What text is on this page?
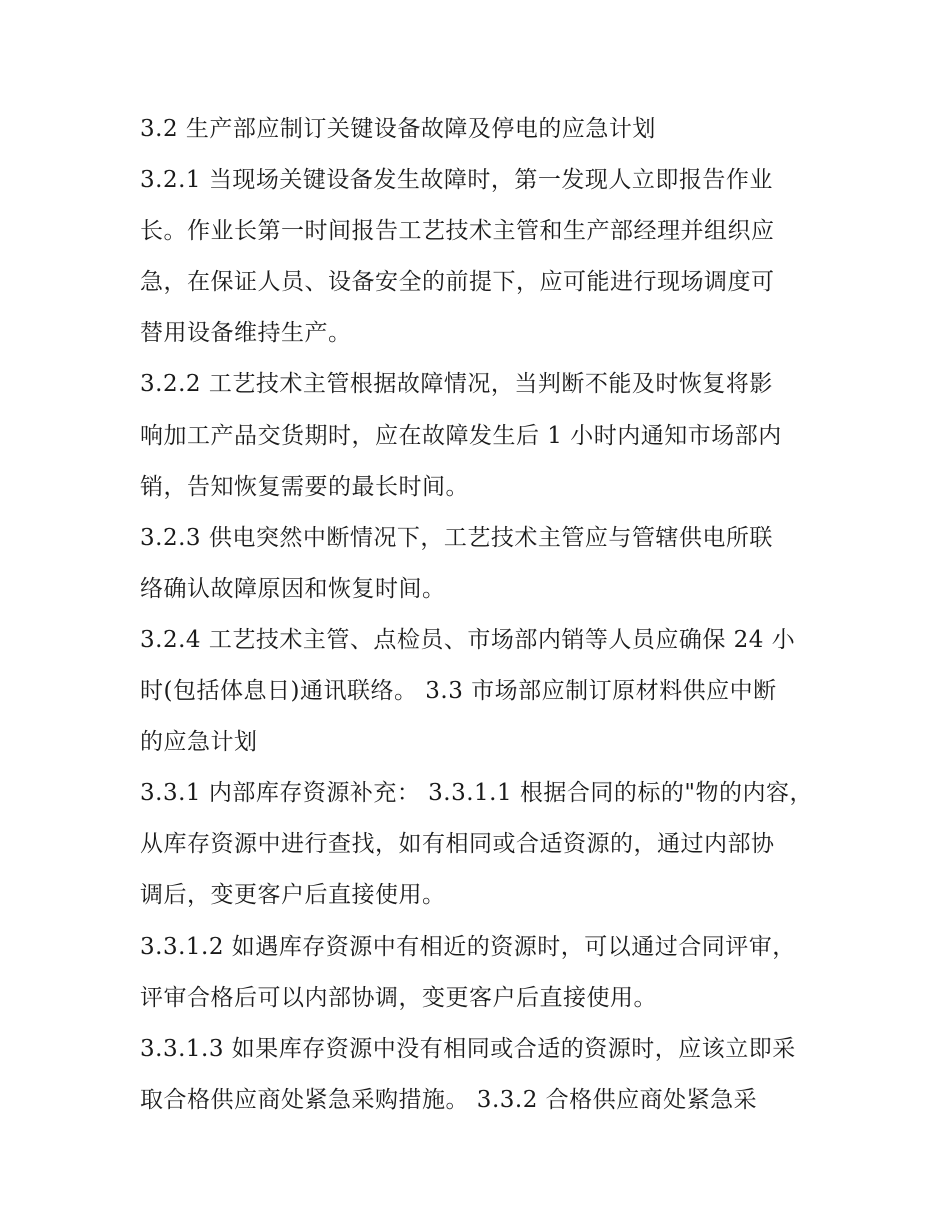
3.2 生产部应制订关键设备故障及停电的应急计划
3.2.1 当现场关键设备发生故障时，第一发现人立即报告作业
长。作业长第一时间报告工艺技术主管和生产部经理并组织应
急，在保证人员、设备安全的前提下，应可能进行现场调度可
替用设备维持生产。
3.2.2 工艺技术主管根据故障情况，当判断不能及时恢复将影
响加工产品交货期时，应在故障发生后 1 小时内通知市场部内
销，告知恢复需要的最长时间。
3.2.3 供电突然中断情况下，工艺技术主管应与管辖供电所联
络确认故障原因和恢复时间。
3.2.4 工艺技术主管、点检员、市场部内销等人员应确保 24 小
时(包括体息日)通讯联络。 3.3 市场部应制订原材料供应中断
的应急计划
3.3.1 内部库存资源补充： 3.3.1.1 根据合同的标的"物的内容，
从库存资源中进行查找，如有相同或合适资源的，通过内部协
调后，变更客户后直接使用。
3.3.1.2 如遇库存资源中有相近的资源时，可以通过合同评审，
评审合格后可以内部协调，变更客户后直接使用。
3.3.1.3 如果库存资源中没有相同或合适的资源时，应该立即采
取合格供应商处紧急采购措施。 3.3.2 合格供应商处紧急采
